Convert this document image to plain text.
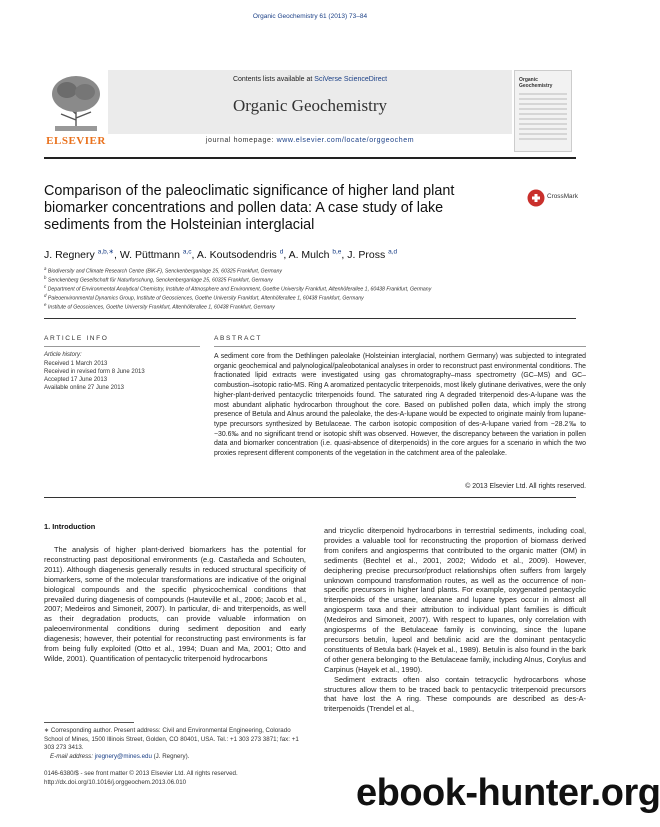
Organic Geochemistry 61 (2013) 73–84
ELSEVIER
Contents lists available at SciVerse ScienceDirect
Organic Geochemistry
journal homepage: www.elsevier.com/locate/orggeochem
Organic Geochemistry
Comparison of the paleoclimatic significance of higher land plant biomarker concentrations and pollen data: A case study of lake sediments from the Holsteinian interglacial
CrossMark
J. Regnery $^{a,b,∗}$, W. Püttmann $^{a,c}$, A. Koutsodendris $^d$, A. Mulch $^{b,e}$, J. Pross $^{a,d}$
$^a$ Biodiversity and Climate Research Centre (BiK-F), Senckenberganlage 25, 60325 Frankfurt, Germany
$^b$ Senckenberg Gesellschaft für Naturforschung, Senckenberganlage 25, 60325 Frankfurt, Germany
$^c$ Department of Environmental Analytical Chemistry, Institute of Atmosphere and Environment, Goethe University Frankfurt, Altenhöferallee 1, 60438 Frankfurt, Germany
$^d$ Paleoenvironmental Dynamics Group, Institute of Geosciences, Goethe University Frankfurt, Altenhöferallee 1, 60438 Frankfurt, Germany
$^e$ Institute of Geosciences, Goethe University Frankfurt, Altenhöferallee 1, 60438 Frankfurt, Germany
ARTICLE INFO
Article history:
Received 1 March 2013
Received in revised form 8 June 2013
Accepted 17 June 2013
Available online 27 June 2013
ABSTRACT
A sediment core from the Dethlingen paleolake (Holsteinian interglacial, northern Germany) was subjected to integrated organic geochemical and palynological/paleobotanical analyses in order to reconstruct past environmental conditions. The fractionated lipid extracts were investigated using gas chromatography–mass spectrometry (GC–MS) and GC–combustion–isotopic ratio-MS. Ring A aromatized pentacyclic triterpenoids, most likely glutinane derivatives, were the only higher-plant-derived pentacyclic triterpenoids found. The saturated ring A degraded triterpenoid des-A-lupane was the most abundant aliphatic hydrocarbon throughout the core. Based on published pollen data, which imply the strong presence of Betula and Alnus around the paleolake, the des-A-lupane would be expected to originate mainly from lupane-type precursors synthesized by Betulaceae. The carbon isotopic composition of des-A-lupane varied from −28.2‰ to −30.6‰ and no significant trend or isotopic shift was observed. However, the discrepancy between the variation in pollen data and biomarker concentration (i.e. quasi-absence of diterpenoids) in the core argues for a scenario in which the two proxies represent different components of the vegetation in the catchment area of the paleolake.
© 2013 Elsevier Ltd. All rights reserved.
1. Introduction

The analysis of higher plant-derived biomarkers has the potential for reconstructing past depositional environments (e.g. Castañeda and Schouten, 2011). Although diagenesis generally results in reduced structural specificity of biomarkers, some of the molecular transformations are indicative of the original biological compounds and the specific physicochemical conditions that prevailed during diagenesis of compounds (Hauteville et al., 2006; Jacob et al., 2007; Medeiros and Simoneit, 2007). In particular, di- and triterpenoids, as well as their degradation products, can provide valuable information on paleoenvironmental conditions during sediment deposition and early diagenesis; however, their potential for reconstructing past environments is far from being fully exploited (Otto et al., 1994; Duan and Ma, 2001; Otto and Wilde, 2001). Quantification of pentacyclic triterpenoid hydrocarbons

and tricyclic diterpenoid hydrocarbons in terrestrial sediments, including coal, provides a valuable tool for reconstructing the proportion of biomass derived from conifers and angiosperms that contributed to the organic matter (OM) in sediments (Bechtel et al., 2001, 2002; Widodo et al., 2009). However, deciphering precise precursor/product relationships often suffers from largely unknown compound transformation routes, as well as the occurrence of non-specific precursors in higher land plants. For example, oxygenated pentacyclic triterpenoids of the ursane, oleanane and lupane types occur in almost all angiosperm taxa and their attribution to individual plant families is difficult (Medeiros and Simoneit, 2007). With respect to lupanes, only correlation with angiosperms of the Betulaceae family is convincing, since the lupane precursors betulin, lupeol and betulinic acid are the dominant pentacyclic constituents of Betula bark (Hayek et al., 1989). Betulin is also found in the bark of other genera belonging to the Betulaceae family, including Alnus, Corylus and Carpinus (Hayek et al., 1990).

Sediment extracts often also contain tetracyclic hydrocarbons whose structures allow them to be traced back to pentacyclic triterpenoid precursors that have lost the A ring. These compounds are described as des-A-triterpenoids (Trendel et al.,

∗ Corresponding author. Present address: Civil and Environmental Engineering, Colorado School of Mines, 1500 Illinois Street, Golden, CO 80401, USA. Tel.: +1 303 273 3871; fax: +1 303 273 3413.
E-mail address: jregnery@mines.edu (J. Regnery).
0146-6380/$ - see front matter © 2013 Elsevier Ltd. All rights reserved.
http://dx.doi.org/10.1016/j.orggeochem.2013.06.010	ebook-hunter.org
